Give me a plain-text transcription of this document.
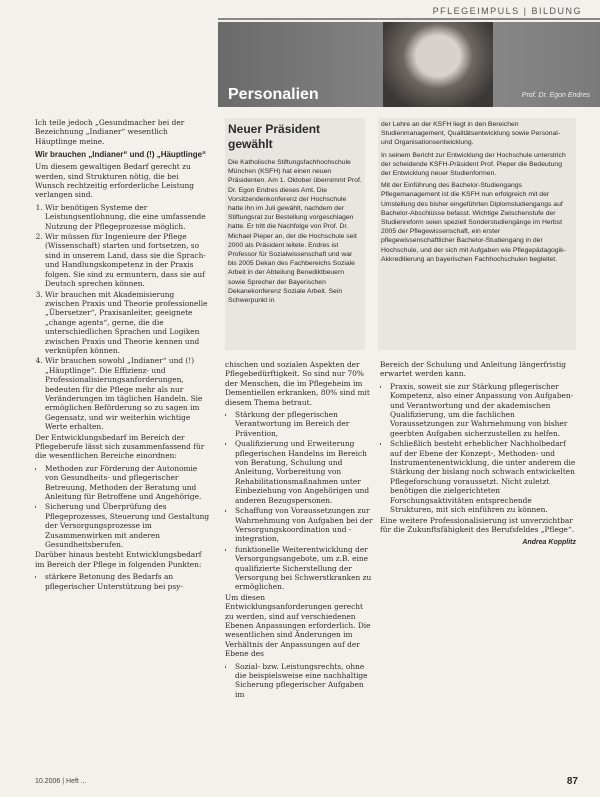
PFLEGEIMPULS | BILDUNG
Personalien	Prof. Dr. Egon Endres

Ich teile jedoch „Gesundmacher bei der Bezeichnung „Indianer“ wesentlich Häuptlinge meine.

Wir brauchen „Indianer“ und (!) „Häuptlinge“

Um diesem gewaltigen Bedarf gerecht zu werden, sind Strukturen nötig, die bei Wunsch rechtzeitig erforderliche Leistung verlangen sind.

1. Wir benötigen Systeme der Leistungsentlohnung, die eine umfassende Nutzung der Pflegeprozesse möglich.
2. Wir müssen für Ingenieure der Pflege (Wissenschaft) starten und fortsetzen, so sind in unserem Land, dass sie die Sprach- und Handlungskompetenz in der Praxis folgen. Sie sind zu ermuntern, dass sie auf Deutsch sprechen können.
3. Wir brauchen mit Akademisierung zwischen Praxis und Theorie professionelle „Übersetzer“, Praxisanleiter, geeignete „change agents“, gerne, die die unterschiedlichen Sprachen und Logiken zwischen Praxis und Theorie kennen und verknüpfen können.
4. Wir brauchen sowohl „Indianer“ und (!) „Häuptlinge“. Die Effizienz- und Professionalisierungsanforderungen, bedeuten für die Pflege mehr als nur Veränderungen im täglichen Handeln. Sie ermöglichen Beförderung so zu sagen im Gegensatz, und wir weiterhin wichtige Werte erhalten.

Der Entwicklungsbedarf im Bereich der Pflegeberufe lässt sich zusammenfassend für die wesentlichen Bereiche einordnen:

• Methoden zur Förderung der Autonomie von Gesundheits- und pflegerischer Betreuung, Methoden der Beratung und Anleitung für Betroffene und Angehörige.
• Sicherung und Überprüfung des Pflegeprozesses, Steuerung und Gestaltung der Versorgungsprozesse im Zusammenwirken mit anderen Gesundheitsberufen.

Darüber hinaus besteht Entwicklungsbedarf im Bereich der Pflege in folgenden Punkten:

• stärkere Betonung des Bedarfs an pflegerischer Unterstützung bei psy-
Neuer Präsident gewählt

Die Katholische Stiftungsfachhochschule München (KSFH) hat einen neuen Präsidenten. Am 1. Oktober übernimmt Prof. Dr. Egon Endres dieses Amt. Die Vorsitzendenkonferenz der Hochschule hatte ihn im Juli gewählt, nachdem der Stiftungsrat zur Bestellung vorgeschlagen hatte. Er tritt die Nachfolge von Prof. Dr. Michael Pieper an, der die Hochschule seit 2000 als Präsident leitete. Endres ist Professor für Sozialwissenschaft und war bis 2005 Dekan des Fachbereichs Soziale Arbeit in der Abteilung Benediktbeuern sowie Sprecher der Bayerischen Dekanekonferenz Soziale Arbeit. Sein Schwerpunkt in

der Lehre an der KSFH liegt in den Bereichen Studienmanagement, Qualitätsentwicklung sowie Personal- und Organisationsentwicklung.

In seinem Bericht zur Entwicklung der Hochschule unterstrich der scheidende KSFH-Präsident Prof. Pieper die Bedeutung der Entwicklung neuer Studienformen.

Mit der Einführung des Bachelor-Studiengangs Pflegemanagement ist die KSFH nun erfolgreich mit der Umstellung des bisher eingeführten Diplomstudiengangs auf Bachelor-Abschlüsse befasst. Wichtige Zwischenstufe der Studienreform seien speziell Sonderstudiengänge im Herbst 2005 der Pflegewissenschaft, ein erster pflegewissenschaftlicher Bachelor-Studiengang in der Hochschule, und der sich mit Aufgaben wie Pflegepädagogik- Akkreditierung an bayerischen Fachhochschulen begleitet.

chischen und sozialen Aspekten der Pflegebedürftigkeit. So sind nur 70% der Menschen, die im Pflegeheim im Dementiellen erkranken, 80% sind mit diesem Thema betraut.

• Stärkung der pflegerischen Verantwortung im Bereich der Prävention,
• Qualifizierung und Erweiterung pflegerischen Handelns im Bereich von Beratung, Schulung und Anleitung, Vorbereitung von Rehabilitationsmaßnahmen unter Einbeziehung von Angehörigen und anderen Bezugspersonen.
• Schaffung von Voraussetzungen zur Wahrnehmung von Aufgaben bei der Versorgungskoordination und -integration,
• funktionelle Weiterentwicklung der Versorgungsangebote, um z.B. eine qualifizierte Sicherstellung der Versorgung bei Schwerstkranken zu ermöglichen.

Um diesen Entwicklungsanforderungen gerecht zu werden, sind auf verschiedenen Ebenen Anpassungen erforderlich. Die wesentlichen sind Änderungen im Verhältnis der Anpassungen auf der Ebene des

• Sozial- bzw. Leistungsrechts, ohne die beispielsweise eine nachhaltige Sicherung pflegerischer Aufgaben im

Bereich der Schulung und Anleitung längerfristig erwartet werden kann.

• Praxis, soweit sie zur Stärkung pflegerischer Kompetenz, also einer Anpassung von Aufgaben- und Verantwortung und der akademischen Qualifizierung, um die fachlichen Voraussetzungen zur Wahrnehmung von bisher geerbten Aufgaben sicherzustellen zu helfen.
• Schließlich besteht erheblicher Nachholbedarf auf der Ebene der Konzept-, Methoden- und Instrumentenentwicklung, die unter anderem die Stärkung der bislang noch schwach entwickelten Pflegeforschung voraussetzt. Nicht zuletzt benötigen die zielgerichteten Forschungsaktivitäten entsprechende Strukturen, mit sich einführen zu können.

Eine weitere Professionalisierung ist unverzichtbar für die Zukunftsfähigkeit des Berufsfeldes „Pflege“.

Andrea Kopplitz
10.2006 | Heft ...	87
